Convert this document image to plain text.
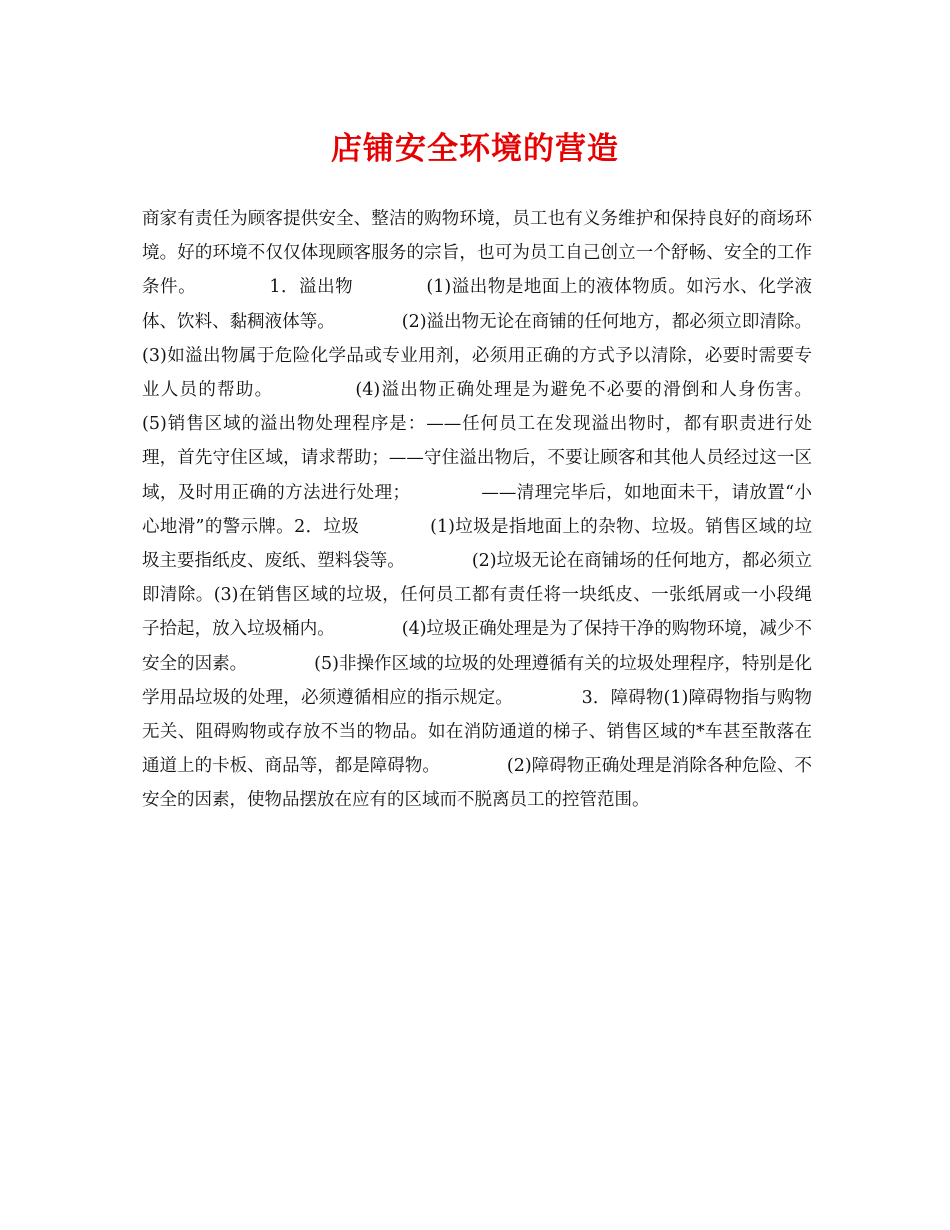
店铺安全环境的营造
商家有责任为顾客提供安全、整洁的购物环境，员工也有义务维护和保持良好的商场环境。好的环境不仅仅体现顾客服务的宗旨，也可为员工自己创立一个舒畅、安全的工作条件。            1．溢出物            (1)溢出物是地面上的液体物质。如污水、化学液体、饮料、黏稠液体等。            (2)溢出物无论在商铺的任何地方，都必须立即清除。            (3)如溢出物属于危险化学品或专业用剂，必须用正确的方式予以清除，必要时需要专业人员的帮助。            (4)溢出物正确处理是为避免不必要的滑倒和人身伤害。            (5)销售区域的溢出物处理程序是：——任何员工在发现溢出物时，都有职责进行处理，首先守住区域，请求帮助；——守住溢出物后，不要让顾客和其他人员经过这一区域，及时用正确的方法进行处理；            ——清理完毕后，如地面未干，请放置“小心地滑”的警示牌。2．垃圾            (1)垃圾是指地面上的杂物、垃圾。销售区域的垃圾主要指纸皮、废纸、塑料袋等。            (2)垃圾无论在商铺场的任何地方，都必须立即清除。(3)在销售区域的垃圾，任何员工都有责任将一块纸皮、一张纸屑或一小段绳子拾起，放入垃圾桶内。            (4)垃圾正确处理是为了保持干净的购物环境，减少不安全的因素。            (5)非操作区域的垃圾的处理遵循有关的垃圾处理程序，特别是化学用品垃圾的处理，必须遵循相应的指示规定。            3．障碍物(1)障碍物指与购物无关、阻碍购物或存放不当的物品。如在消防通道的梯子、销售区域的*车甚至散落在通道上的卡板、商品等，都是障碍物。            (2)障碍物正确处理是消除各种危险、不安全的因素，使物品摆放在应有的区域而不脱离员工的控管范围。
